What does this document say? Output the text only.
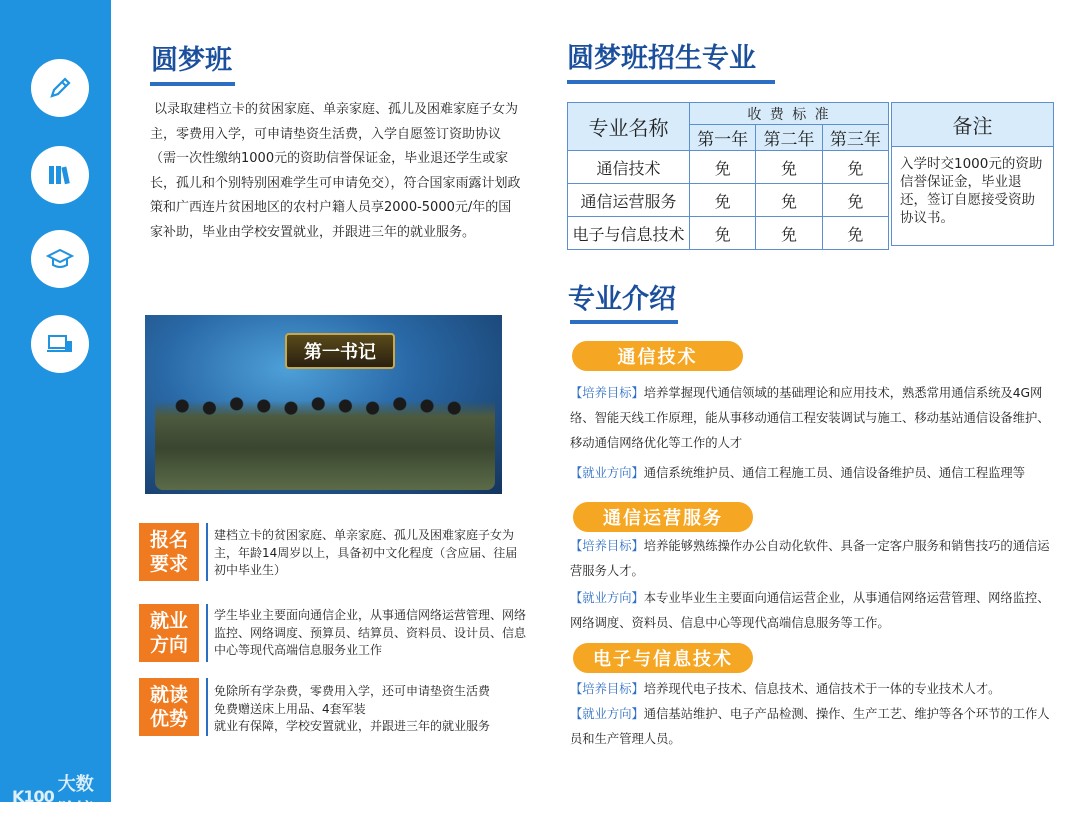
K100
大数跨境
圆梦班
以录取建档立卡的贫困家庭、单亲家庭、孤儿及困难家庭子女为主，零费用入学，可申请垫资生活费，入学自愿签订资助协议（需一次性缴纳1000元的资助信誉保证金，毕业退还学生或家长，孤儿和个别特别困难学生可申请免交），符合国家雨露计划政策和广西连片贫困地区的农村户籍人员享2000-5000元/年的国家补助，毕业由学校安置就业，并跟进三年的就业服务。
第一书记
报名
要求
建档立卡的贫困家庭、单亲家庭、孤儿及困难家庭子女为主，年龄14周岁以上，具备初中文化程度（含应届、往届初中毕业生）
就业
方向
学生毕业主要面向通信企业，从事通信网络运营管理、网络监控、网络调度、预算员、结算员、资料员、设计员、信息中心等现代高端信息服务业工作
就读
优势
免除所有学杂费，零费用入学，还可申请垫资生活费
免费赠送床上用品、4套军装
就业有保障，学校安置就业，并跟进三年的就业服务
圆梦班招生专业
专业名称	收 费 标 准		
	第一年	第二年	第三年
通信技术	免	免	免
通信运营服务	免	免	免
电子与信息技术	免	免	免
备注
入学时交1000元的资助信誉保证金，毕业退还，签订自愿接受资助协议书。
专业介绍
通信技术
【培养目标】培养掌握现代通信领域的基础理论和应用技术，熟悉常用通信系统及4G网络、智能天线工作原理，能从事移动通信工程安装调试与施工、移动基站通信设备维护、移动通信网络优化等工作的人才
【就业方向】通信系统维护员、通信工程施工员、通信设备维护员、通信工程监理等
通信运营服务
【培养目标】培养能够熟练操作办公自动化软件、具备一定客户服务和销售技巧的通信运营服务人才。
【就业方向】本专业毕业生主要面向通信运营企业，从事通信网络运营管理、网络监控、网络调度、资料员、信息中心等现代高端信息服务等工作。
电子与信息技术
【培养目标】培养现代电子技术、信息技术、通信技术于一体的专业技术人才。
【就业方向】通信基站维护、电子产品检测、操作、生产工艺、维护等各个环节的工作人员和生产管理人员。
